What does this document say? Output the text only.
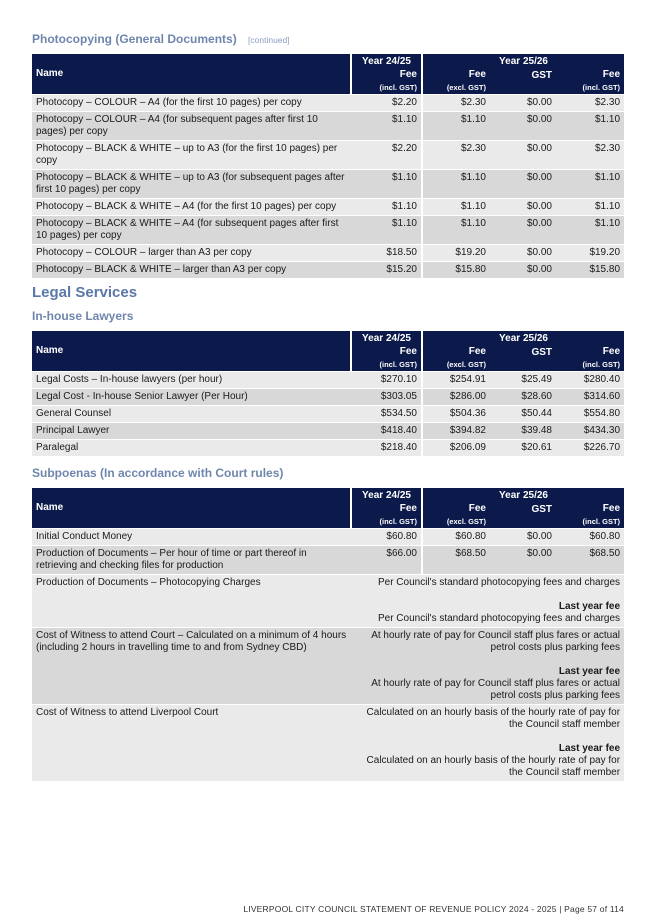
Photocopying (General Documents) [continued]
Name	Year 24/25	Year 25/26		
	Fee	Fee	GST	Fee
	(incl. GST)	(excl. GST)		(incl. GST)
Photocopy – COLOUR – A4 (for the first 10 pages) per copy	$2.20	$2.30	$0.00	$2.30
Photocopy – COLOUR – A4 (for subsequent pages after first 10 pages) per copy	$1.10	$1.10	$0.00	$1.10
Photocopy – BLACK & WHITE – up to A3 (for the first 10 pages) per copy	$2.20	$2.30	$0.00	$2.30
Photocopy – BLACK & WHITE – up to A3 (for subsequent pages after first 10 pages) per copy	$1.10	$1.10	$0.00	$1.10
Photocopy – BLACK & WHITE – A4 (for the first 10 pages) per copy	$1.10	$1.10	$0.00	$1.10
Photocopy – BLACK & WHITE – A4 (for subsequent pages after first 10 pages) per copy	$1.10	$1.10	$0.00	$1.10
Photocopy – COLOUR – larger than A3 per copy	$18.50	$19.20	$0.00	$19.20
Photocopy – BLACK & WHITE – larger than A3 per copy	$15.20	$15.80	$0.00	$15.80
Legal Services
In-house Lawyers
Name	Year 24/25	Year 25/26		
	Fee	Fee	GST	Fee
	(incl. GST)	(excl. GST)		(incl. GST)
Legal Costs – In-house lawyers (per hour)	$270.10	$254.91	$25.49	$280.40
Legal Cost - In-house Senior Lawyer (Per Hour)	$303.05	$286.00	$28.60	$314.60
General Counsel	$534.50	$504.36	$50.44	$554.80
Principal Lawyer	$418.40	$394.82	$39.48	$434.30
Paralegal	$218.40	$206.09	$20.61	$226.70
Subpoenas (In accordance with Court rules)
Name	Year 24/25	Year 25/26		
	Fee	Fee	GST	Fee
	(incl. GST)	(excl. GST)		(incl. GST)
Initial Conduct Money	$60.80	$60.80	$0.00	$60.80
Production of Documents – Per hour of time or part thereof in retrieving and checking files for production	$66.00	$68.50	$0.00	$68.50
Production of Documents – Photocopying Charges	Per Council's standard photocopying fees and charges
Last year fee
Per Council's standard photocopying fees and charges			
Cost of Witness to attend Court – Calculated on a minimum of 4 hours (including 2 hours in travelling time to and from Sydney CBD)	At hourly rate of pay for Council staff plus fares or actual petrol costs plus parking fees
Last year fee
At hourly rate of pay for Council staff plus fares or actual petrol costs plus parking fees			
Cost of Witness to attend Liverpool Court	Calculated on an hourly basis of the hourly rate of pay for the Council staff member
Last year fee
Calculated on an hourly basis of the hourly rate of pay for the Council staff member			
LIVERPOOL CITY COUNCIL STATEMENT OF REVENUE POLICY 2024 - 2025 | Page 57 of 114
